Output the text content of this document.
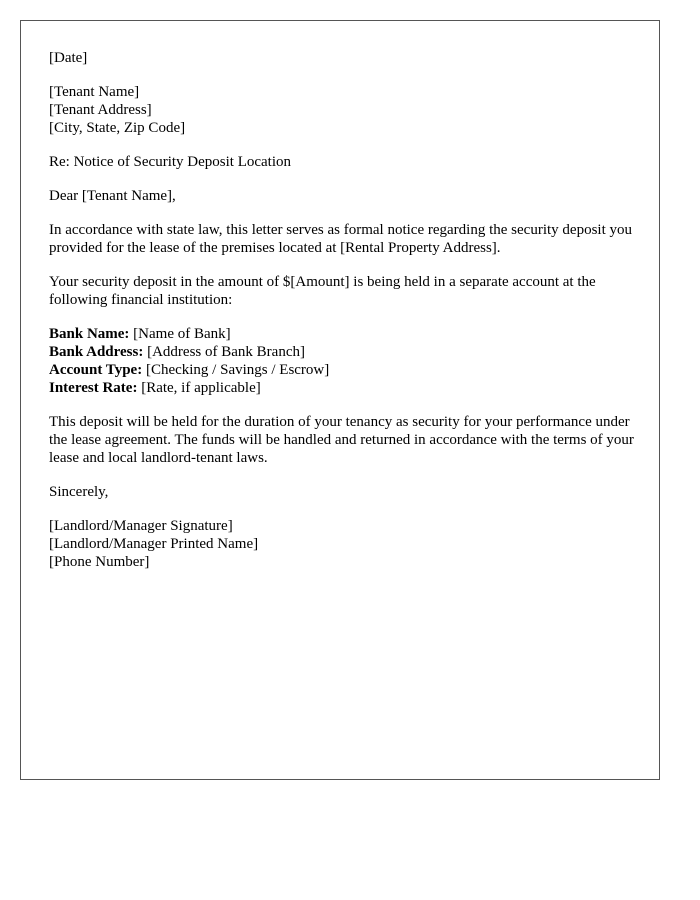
[Date]

[Tenant Name]
[Tenant Address]
[City, State, Zip Code]

Re: Notice of Security Deposit Location

Dear [Tenant Name],

In accordance with state law, this letter serves as formal notice regarding the security deposit you provided for the lease of the premises located at [Rental Property Address].

Your security deposit in the amount of $[Amount] is being held in a separate account at the following financial institution:

Bank Name: [Name of Bank]
Bank Address: [Address of Bank Branch]
Account Type: [Checking / Savings / Escrow]
Interest Rate: [Rate, if applicable]

This deposit will be held for the duration of your tenancy as security for your performance under the lease agreement. The funds will be handled and returned in accordance with the terms of your lease and local landlord-tenant laws.

Sincerely,

[Landlord/Manager Signature]
[Landlord/Manager Printed Name]
[Phone Number]
